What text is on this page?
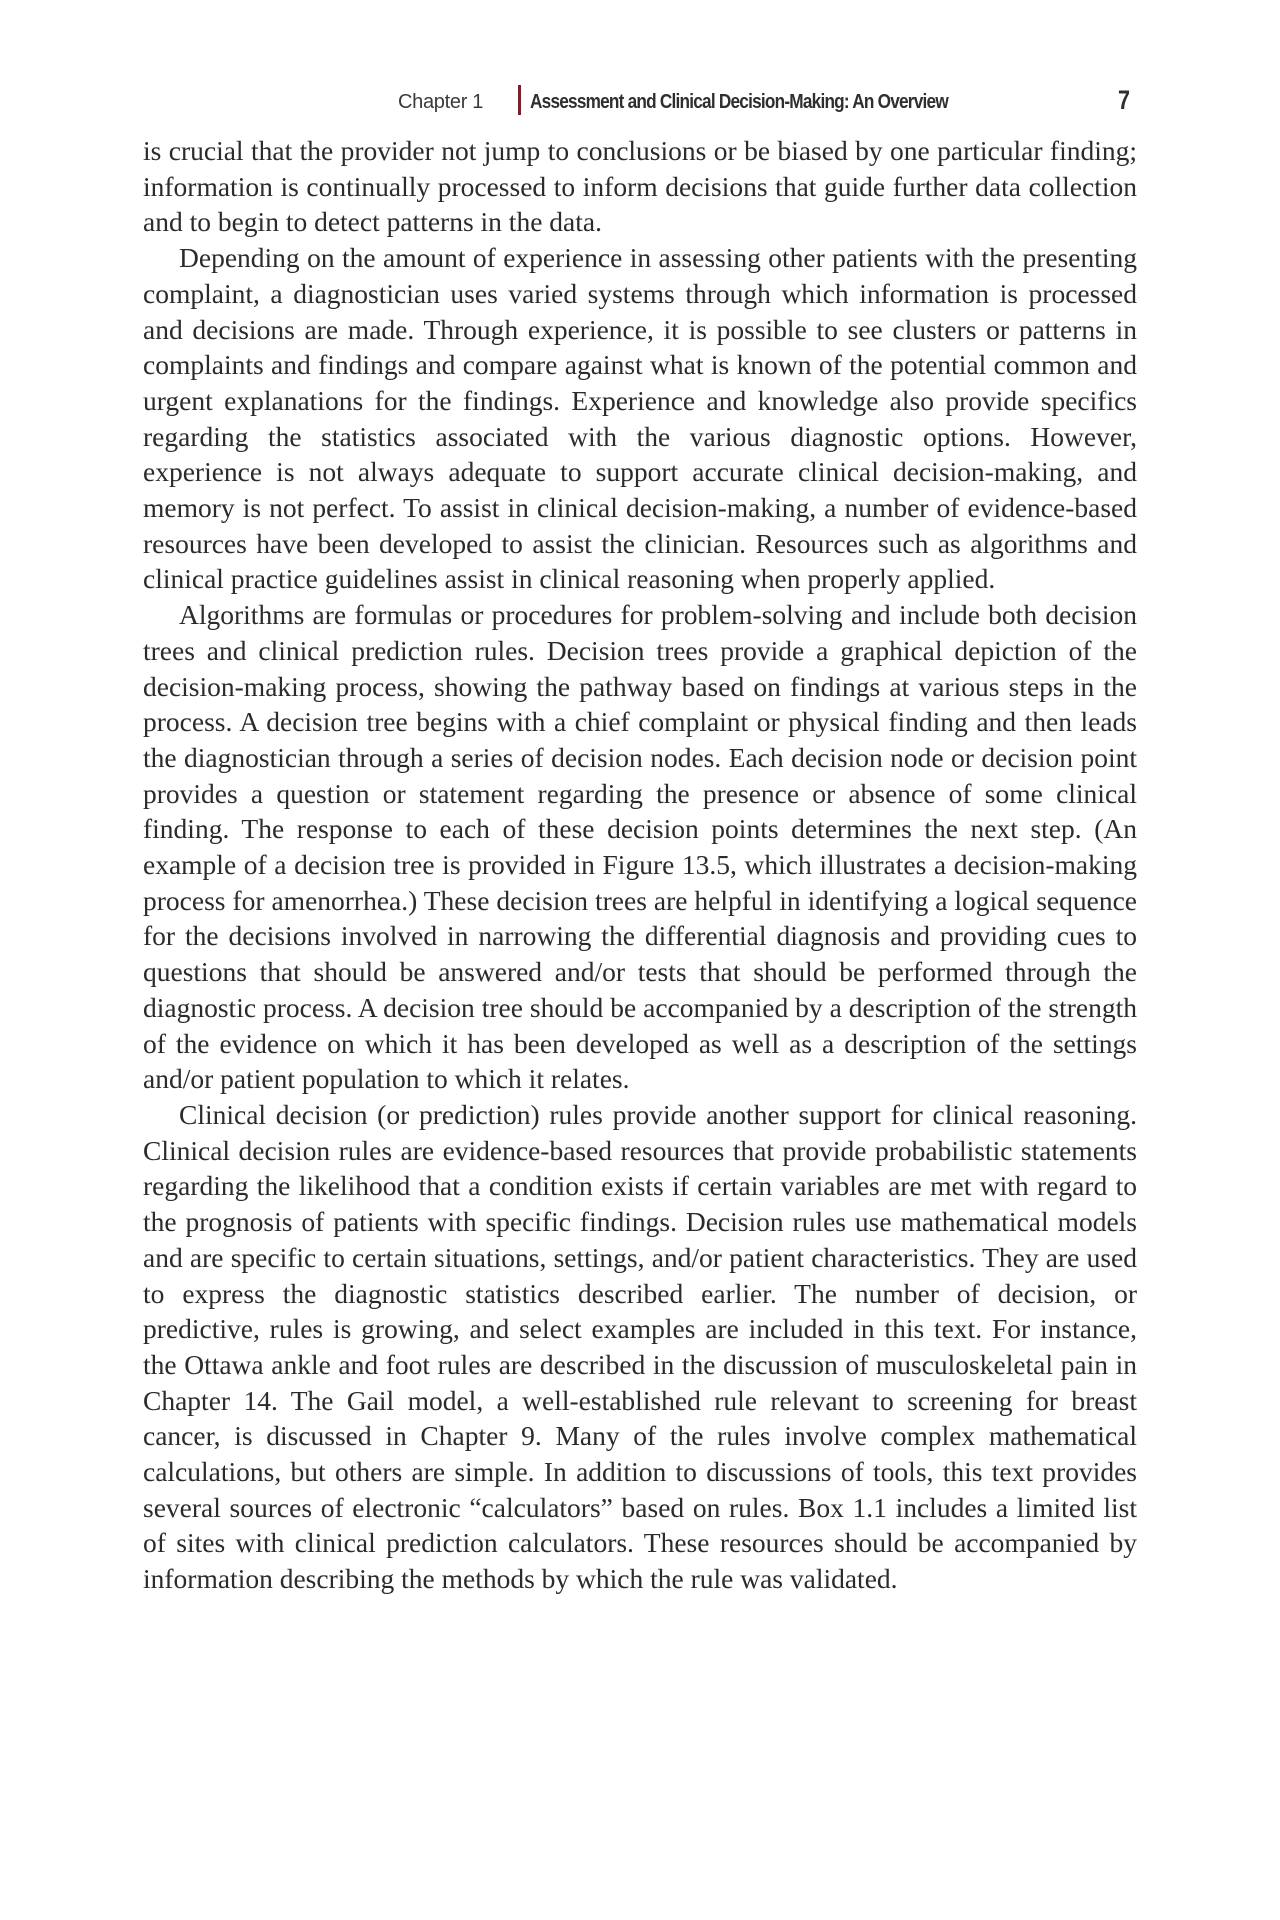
Chapter 1 Assessment and Clinical Decision-Making: An Overview	7

is crucial that the provider not jump to conclusions or be biased by one particular finding; information is continually processed to inform decisions that guide further data collection and to begin to detect patterns in the data.

Depending on the amount of experience in assessing other patients with the presenting complaint, a diagnostician uses varied systems through which information is processed and decisions are made. Through experience, it is possible to see clusters or patterns in complaints and findings and compare against what is known of the potential common and urgent explanations for the findings. Experience and knowledge also provide specifics regarding the statistics associated with the various diagnostic options. However, experience is not always adequate to support accurate clinical decision-making, and memory is not perfect. To assist in clinical decision-making, a number of evidence-based resources have been developed to assist the clinician. Resources such as algorithms and clinical practice guidelines assist in clinical reasoning when properly applied.

Algorithms are formulas or procedures for problem-solving and include both decision trees and clinical prediction rules. Decision trees provide a graphical depiction of the decision-making process, showing the pathway based on findings at various steps in the process. A decision tree begins with a chief complaint or physical finding and then leads the diagnostician through a series of decision nodes. Each decision node or decision point provides a question or statement regarding the presence or absence of some clinical finding. The response to each of these decision points determines the next step. (An example of a decision tree is provided in Figure 13.5, which illustrates a decision-making process for amenorrhea.) These decision trees are helpful in identifying a logical sequence for the decisions involved in narrowing the differential diagnosis and providing cues to questions that should be answered and/or tests that should be performed through the diagnostic process. A decision tree should be accompanied by a description of the strength of the evidence on which it has been developed as well as a description of the settings and/or patient population to which it relates.

Clinical decision (or prediction) rules provide another support for clinical reasoning. Clinical decision rules are evidence-based resources that provide probabilistic statements regarding the likelihood that a condition exists if certain variables are met with regard to the prognosis of patients with specific findings. Decision rules use mathematical models and are specific to certain situations, settings, and/or patient characteristics. They are used to express the diagnostic statistics described earlier. The number of decision, or predictive, rules is growing, and select examples are included in this text. For instance, the Ottawa ankle and foot rules are described in the discussion of musculoskeletal pain in Chapter 14. The Gail model, a well-established rule relevant to screening for breast cancer, is discussed in Chapter 9. Many of the rules involve complex mathematical calculations, but others are simple. In addition to discussions of tools, this text provides several sources of electronic “calculators” based on rules. Box 1.1 includes a limited list of sites with clinical prediction calculators. These resources should be accompanied by information describing the methods by which the rule was validated.
